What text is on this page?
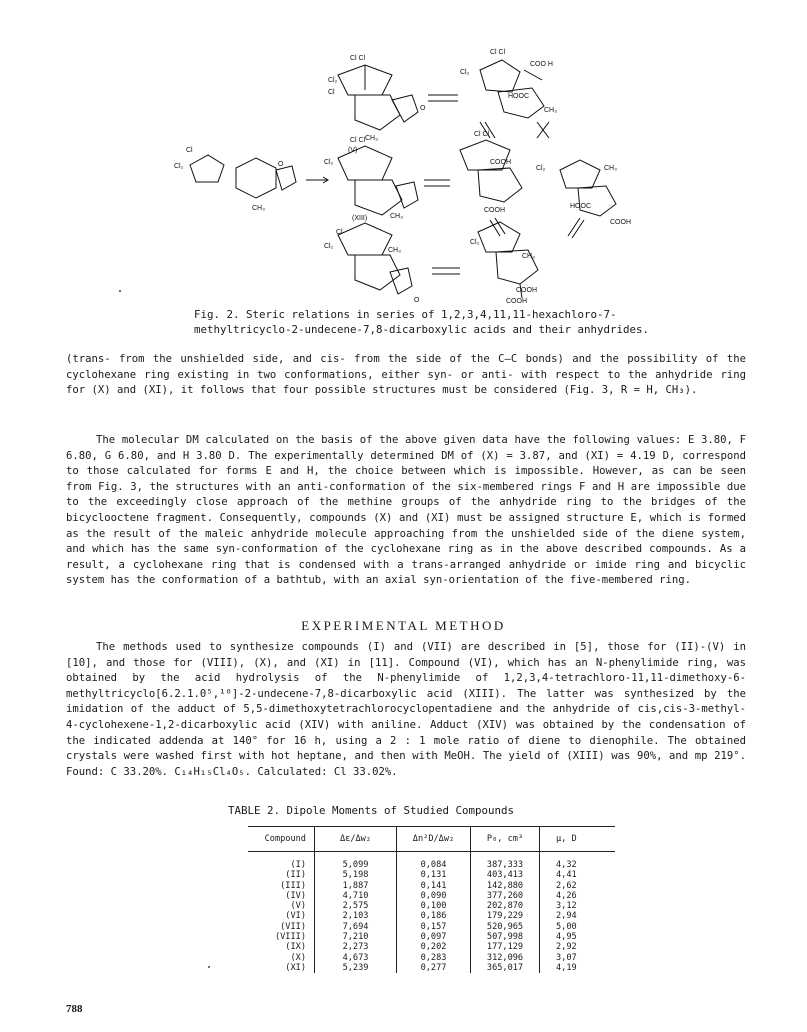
Cl Cl
Cl₂
Cl
O
CH₃
(V)
Cl Cl
Cl₂
COO H
HOOC
CH₃
Cl
Cl₂	O
CH₃
Cl Cl
Cl₂
(XIII)	CH₃
Cl Cl
COOH
COOH
Cl₂
HOOC
CH₃
COOH
Cl
Cl₂
CH₃
O
Cl₂
CH₃
COOH
COOH
Fig. 2. Steric relations in series of 1,2,3,4,11,11-hexachloro-7-methyltricyclo-2-undecene-7,8-dicarboxylic acids and their anhydrides.
(trans- from the unshielded side, and cis- from the side of the C–C bonds) and the possibility of the cyclohexane ring existing in two conformations, either syn- or anti- with respect to the anhydride ring for (X) and (XI), it follows that four possible structures must be considered (Fig. 3, R = H, CH₃).
The molecular DM calculated on the basis of the above given data have the following values: E 3.80, F 6.80, G 6.80, and H 3.80 D. The experimentally determined DM of (X) = 3.87, and (XI) = 4.19 D, correspond to those calculated for forms E and H, the choice between which is impossible. However, as can be seen from Fig. 3, the structures with an anti-conformation of the six-membered rings F and H are impossible due to the exceedingly close approach of the methine groups of the anhydride ring to the bridges of the bicyclooctene fragment. Consequently, compounds (X) and (XI) must be assigned structure E, which is formed as the result of the maleic anhydride molecule approaching from the unshielded side of the diene system, and which has the same syn-conformation of the cyclohexane ring as in the above described compounds. As a result, a cyclohexane ring that is condensed with a trans-arranged anhydride or imide ring and bicyclic system has the conformation of a bathtub, with an axial syn-orientation of the five-membered ring.
EXPERIMENTAL METHOD
The methods used to synthesize compounds (I) and (VII) are described in [5], those for (II)-(V) in [10], and those for (VIII), (X), and (XI) in [11]. Compound (VI), which has an N-phenylimide ring, was obtained by the acid hydrolysis of the N-phenylimide of 1,2,3,4-tetrachloro-11,11-dimethoxy-6-methyltricyclo[6.2.1.0⁵,¹⁰]-2-undecene-7,8-dicarboxylic acid (XIII). The latter was synthesized by the imidation of the adduct of 5,5-dimethoxytetrachlorocyclopentadiene and the anhydride of cis,cis-3-methyl-4-cyclohexene-1,2-dicarboxylic acid (XIV) with aniline. Adduct (XIV) was obtained by the condensation of the indicated addenda at 140° for 16 h, using a 2 : 1 mole ratio of diene to dienophile. The obtained crystals were washed first with hot heptane, and then with MeOH. The yield of (XIII) was 90%, and mp 219°. Found: C 33.20%. C₁₄H₁₅Cl₄O₅. Calculated: Cl 33.02%.
TABLE 2. Dipole Moments of Studied Compounds
Compound	Δε/Δw₂	Δn²D/Δw₂	P₀, cm³	μ, D
(I)	5,099	0,084	387,333	4,32
(II)	5,198	0,131	403,413	4,41
(III)	1,887	0,141	142,880	2,62
(IV)	4,710	0,090	377,260	4,26
(V)	2,575	0,100	202,870	3,12
(VI)	2,103	0,186	179,229	2,94
(VII)	7,694	0,157	520,965	5,00
(VIII)	7,210	0,097	507,998	4,95
(IX)	2,273	0,202	177,129	2,92
(X)	4,673	0,283	312,096	3,07
(XI)	5,239	0,277	365,017	4,19
788
